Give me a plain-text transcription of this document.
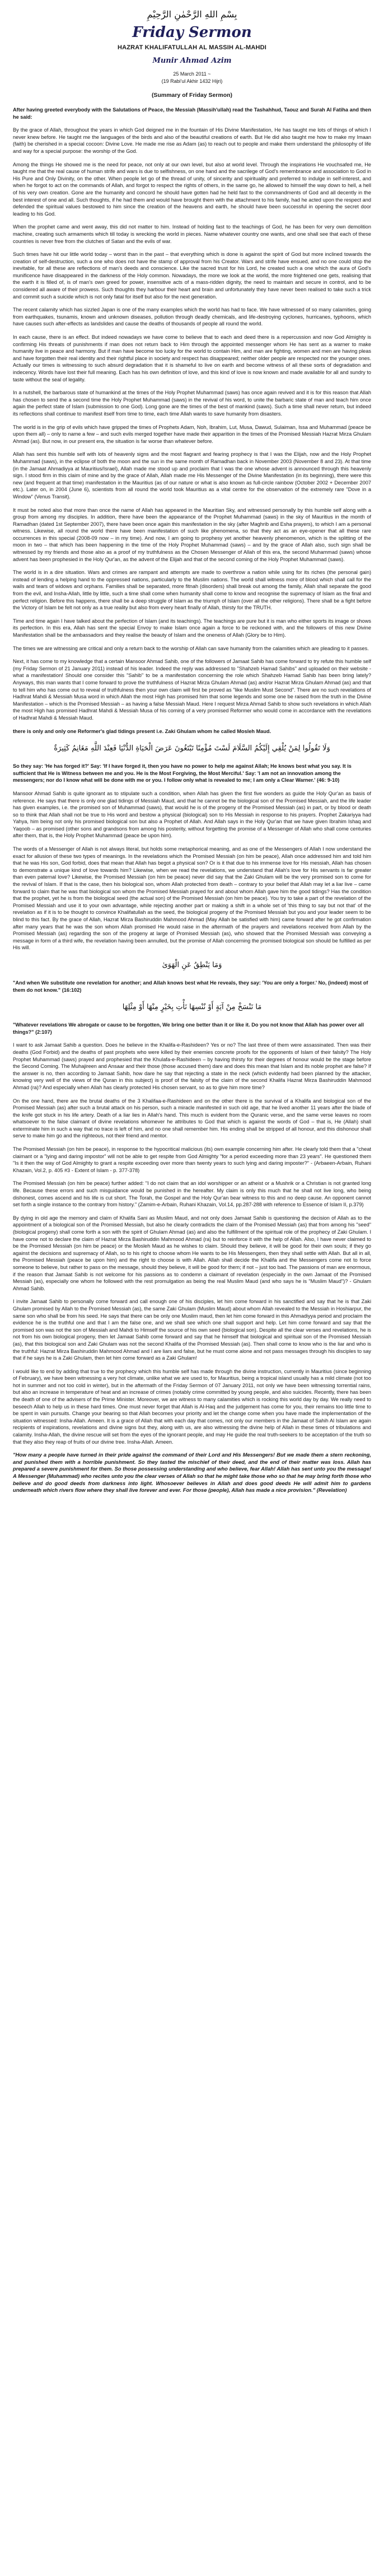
بِسْمِ اللهِ الرَّحْمٰنِ الرَّحِيْمِ
Friday Sermon
HAZRAT KHALIFATULLAH AL MASSIH AL-MAHDI
Munir Ahmad Azim
25 March 2011 ~
(19 Rabi'ul Akhir 1432 Hijri)
(Summary of Friday Sermon)

After having greeted everybody with the Salutations of Peace, the Messiah (Massih'ullah) read the Tashahhud, Taouz and Surah Al Fatiha and then he said:

By the grace of Allah, throughout the years in which God deigned me in the fountain of His Divine Manifestation, He has taught me lots of things of which I never knew before. He taught me the languages of the birds and also of the beautiful creations of earth. But He did also taught me how to make my Imaan (faith) be cherished in a special cocoon: Divine Love. He made me rise as Adam (as) to reach out to people and make them understand the philosophy of life and way for a special purpose: the worship of the God.

Among the things He showed me is the need for peace, not only at our own level, but also at world level. Through the inspirations He vouchsafed me, He taught me that the real cause of human strife and wars is due to selfishness, on one hand and the sacrilege of God's remembrance and association to God in His Pure and Only Divinity, on the other. When people let go of the thread of unity, of sincerity and spirituality and preferred to indulge in self-interest, and when he forgot to act on the commands of Allah, and forgot to respect the rights of others, in the same go, he allowed to himself the way down to hell, a hell of his very own creation. Gone are the humanity and concord he should have gotten had he held fast to the commandments of God and all decently in the best interest of one and all. Such thoughts, if he had them and would have brought them with the attachment to his family, had he acted upon the respect and defended the spiritual values bestowed to him since the creation of the heavens and earth, he should have been successful in opening the secret door leading to his God.

When the prophet came and went away, this did not matter to him. Instead of holding fast to the teachings of God, he has been for very own demolition machine, creating such armaments which till today is wrecking the world in pieces. Name whatever country one wants, and one shall see that each of these countries is never free from the clutches of Satan and the evils of war.

Such times have hit our little world today – worst than in the past – that everything which is done is against the spirit of God but more inclined towards the creation of self-destruction, such a one who does not have the stamp of approval from his Creator. Wars and strife have ensued, and no one could stop the inevitable, for all these are reflections of man's deeds and conscience. Like the sacred trust for his Lord, he created such a one which the aura of God's munificence have disappeared in the darkness of the Holy common. Nowadays, the more we look at the world, the more frightened one gets, realising that the earth it is filled of, is of man's own greed for power, insensitive acts of a mass-ridden dignity, the need to maintain and secure in control, and to be considered all aware of their prowess. Such thoughts they harbour their heart and brain and unfortunately they have never been realised to take such a trick and commit such a suicide which is not only fatal for itself but also for the next generation.

The recent calamity which has sizzled Japan is one of the many examples which the world has had to face. We have witnessed of so many calamities, going from earthquakes, tsunamis, known and unknown diseases, pollution through deadly chemicals, and life-destroying cyclones, hurricanes, typhoons, which have causes such after-effects as landslides and cause the deaths of thousands of people all round the world.

In each cause, there is an effect. But indeed nowadays we have come to believe that to each and deed there is a repercussion and now God Almighty is confirming His threats of punishments if man does not return back to Him through the appointed messenger whom He has sent as a warner to make humanity live in peace and harmony. But if man have become too lucky for the world to contain Him, and man are fighting, women and men are having pleas and have forgotten their real identity and their rightful place in society and respect has disappeared; neither older people are respected nor the younger ones. Actually our times is witnessing to such absurd degradation that it is shameful to live on earth and become witness of all these sorts of degradation and indecency. Words have lost their full meaning. Each has his own definition of love, and this kind of love is now known and made available for all and sundry to taste without the seal of legality.

In a nutshell, the barbarous state of humankind at the times of the Holy Prophet Muhammad (saws) has once again revived and it is for this reason that Allah has chosen to send the a second time the Holy Prophet Muhammad (saws) in the revival of his word, to unite the barbaric state of man and teach him once again the perfect state of Islam (submission to one God). Long gone are the times of the best of mankind (saws). Such a time shall never return, but indeed its reflections shall continue to manifest itself from time to time, each time Allah wants to save humanity from disasters.

The world is in the grip of evils which have gripped the times of Prophets Adam, Noh, Ibrahim, Lut, Musa, Dawud, Sulaiman, Issa and Muhammad (peace be upon them all) – only to name a few – and such evils merged together have made their apparition in the times of the Promised Messiah Hazrat Mirza Ghulam Ahmad (as). But now, in our present era, the situation is far worse than whatever before.

Allah has sent this humble self with lots of heavenly signs and the most flagrant and fearing prophecy is that I was the Elijah, now and the Holy Prophet Muhammad (saws), in the eclipse of both the moon and the sun in the same month of Ramadhan back in November 2003 (November 8 and 23). At that time (in the Jamaat Ahmadiyya at Mauritius/Israel), Allah made me stood up and proclaim that I was the one whose advent is announced through this heavenly sign. I stood firm in this claim of mine and by the grace of Allah, Allah made me His Messenger of the Divine Manifestation (in its beginning), there were this new (and frequent at that time) manifestation in the Mauritius (as of our nature or what is also known as full-circle rainbow (October 2002 + December 2007 etc.). Later on, in 2004 (June 6), scientists from all round the world took Mauritius as a vital centre for the observation of the extremely rare "Dove in a Window" (Venus Transit).

It must be noted also that more than once the name of Allah has appeared in the Mauritian Sky, and witnessed personally by this humble self along with a group from among my disciples. In addition, there have been the appearance of the Prophet Muhammad (saws) in the sky of Mauritius in the month of Ramadhan (dated 1st September 2007), there have been once again this manifestation in the sky (after Maghrib and Esha prayers), to which I am a personal witness. Likewise, all round the world there have been manifestation of such like phenomena, so that they act as an eye-opener that all these rare occurrences in this special (2008-09 now – in my time). And now, I am going to prophesy yet another heavenly phenomenon, which is the splitting of the moon in two – that which has been happening in the time of the Holy Prophet Muhammad (saws) – and by the grace of Allah also, such sign shall be witnessed by my friends and those also as a proof of my truthfulness as the Chosen Messenger of Allah of this era, the second Muhammad (saws) whose advent has been prophesied in the Holy Qur'an, as the advent of the Elijah and that of the second coming of the Holy Prophet Muhammad (saws).

The world is in a dire situation. Wars and crimes are rampant and attempts are made to overthrow a nation while using for its riches (the personal gain) instead of lending a helping hand to the oppressed nations, particularly to the Muslim nations. The world shall witness more of blood which shall call for the wails and tears of widows and orphans. Families shall be separated, more fitnah (disorders) shall break out among the family, Allah shall separate the good from the evil, and Insha-Allah, little by little, such a time shall come when humanity shall come to know and recognise the supremacy of Islam as the final and perfect religion. Before this happens, there shall be a deep struggle of Islam as the triumph of Islam (over all the other religions). There shall be a fight before the Victory of Islam be felt not only as a true reality but also from every heart finally of Allah, thirsty for the TRUTH.

Time and time again I have talked about the perfection of Islam (and its teachings). The teachings are pure but it is man who either sports its image or shows its perfection. In this era, Allah has sent the special Envoy to make Islam once again a force to be reckoned with, and the followers of this new Divine Manifestation shall be the ambassadors and they realise the beauty of Islam and the oneness of Allah (Glory be to Him).

The times we are witnessing are critical and only a return back to the worship of Allah can save humanity from the calamities which are pleading to it passes.

Next, it has come to my knowledge that a certain Mansoor Ahmad Sahib, one of the followers of Jamaat Sahib has come forward to try refute this humble self (my Friday Sermon of 21 January 2011) instead of his leader. Indeed the reply was addressed to "Shahzeb Hamad Sahibs" and uploaded on their website - what a manifestation! Should one consider this "Sahib" to be a manifestation concerning the role which Shahzeb Hamad Sahib has been bring lately? Anyways, this man wants that I come forward to prove the truthfulness of Hazrat Mirza Ghulam Ahmad (as) and/or Hazrat Mirza Ghulam Ahmad (as) and that to tell him who has come out to reveal of truthfulness then your own claim will first be proved as "like Muslim Must Second". There are no such revelations of Hadhrat Mahdi & Messiah Musa word in which Allah the most High has promised him that some legends and some one be raised from the truth in the Divine Manifestation – which is the Promised Messiah – as having a false Messiah Maud. Here I request Mirza Ahmad Sahib to show such revelations in which Allah the most High has promised Hadhrat Mahdi & Messiah Musa of his coming of a very promised Reformer who would come in accordance with the revelations of Hadhrat Mahdi & Messiah Maud.

there is only and only one Reformer's glad tidings present i.e. Zaki Ghulam whom he called Mosleh Maud.

وَلَا تَقُولُوا لِمَنْ يُلْقِي إِلَيْكُمُ السَّلَامَ لَسْتَ مُؤْمِنًا تَبْتَغُونَ عَرَضَ الْحَيَاةِ الدُّنْيَا فَعِنْدَ اللَّهِ مَغَانِمُ كَثِيرَةٌ
So they say: 'He has forged it?' Say: 'If I have forged it, then you have no power to help me against Allah; He knows best what you say. It is sufficient that He is Witness between me and you. He is the Most Forgiving, the Most Merciful.' Say: 'I am not an innovation among the messengers; nor do I know what will be done with me or you. I follow only what is revealed to me; I am only a Clear Warner.' (46: 9-10)

Mansoor Ahmad Sahib is quite ignorant as to stipulate such a condition, when Allah has given the first five wonders as guide the Holy Qur'an as basis of reference. He says that there is only one glad tidings of Messiah Maud, and that he cannot be the biological son of the Promised Messiah, and the life leader has given examples, i.e. the promised son of Muhammad (saws), that would he is of the progeny of the Promised Messiah (as) in part, or by blood or death so to think that Allah shall not be true to His word and bestow a physical (biological) son to His Messiah in response to his prayers. Prophet Zakariyya had Yahya, him being not only his promised biological son but also a Prophet of Allah. And Allah says in the Holy Qur'an that we have given Ibrahim Ishaq and Yaqoob – as promised (other sons and grandsons from among his posterity, without forgetting the promise of a Messenger of Allah who shall come centuries after them, that is, the Holy Prophet Muhammad (peace be upon him).

The words of a Messenger of Allah is not always literal, but holds some metaphorical meaning, and as one of the Messengers of Allah I now understand the exact for allusion of these two types of meanings. In the revelations which the Promised Messiah (on him be peace), Allah once addressed him and told him that he was His son, God forbid, does that mean that Allah has begot a physical son? Or is it that due to his immense love for His messiah, Allah has chosen to demonstrate a unique kind of love towards him? Likewise, when we read the revelations, we understand that Allah's love for His servants is far greater than even paternal love? Likewise, the Promised Messiah (on him be peace) never did say that the Zaki Ghulam will be the very promised son to come for the revival of Islam. If that is the case, then his biological son, whom Allah protected from death – contrary to your belief that Allah may let a liar live – came forward to claim that he was that biological son whom the Promised Messiah prayed for and about whom Allah gave him the good tidings? Has the condition that the prophet, yet he is from the biological seed (the actual son) of the Promised Messiah (on him be peace). You try to take a part of the revelation of the Promised Messiah and use it to your own advantage, while rejecting another part or making a shift in a whole set of 'this thing to say but not that' of the revelation as if it is to be thought to convince Khalifatullah as the seed, the biological progeny of the Promised Messiah but you and your leader seem to be blind to this fact. By the grace of Allah, Hazrat Mirza Bashiruddin Mahmood Ahmad (May Allah be satisfied with him) came forward after he got confirmation after many years that he was the son whom Allah promised He would raise in the aftermath of the prayers and revelations received from Allah by the Promised Messiah (as) regarding the son of the progeny at large of Promised Messiah (as), who showed that the Promised Messiah was conveying a message in form of a third wife, the revelation having been annulled, but the promise of Allah concerning the promised biological son should be fulfilled as per His will.

وَمَا يَنْطِقُ عَنِ الْهَوَىٰ
"And when We substitute one revelation for another; and Allah knows best what He reveals, they say: 'You are only a forger.' No, (indeed) most of them do not know." (16:102)
مَا نَنْسَخْ مِنْ آيَةٍ أَوْ نُنْسِهَا نَأْتِ بِخَيْرٍ مِنْهَا أَوْ مِثْلِهَا
"Whatever revelations We abrogate or cause to be forgotten, We bring one better than it or like it. Do you not know that Allah has power over all things?" (2:107)

I want to ask Jamaat Sahib a question. Does he believe in the Khalifa-e-Rashideen? Yes or no? The last three of them were assassinated. Then was their deaths (God Forbid) and the deaths of past prophets who were killed by their enemies concrete proofs for the opponents of Islam of their falsity? The Holy Prophet Muhammad (saws) prayed and prophesied that the Khulafa-e-Rashideen – by having thirsty for their degrees of honour would be the stage before the Second Coming. The Muhajireen and Ansaar and their those (those accused them) dare and does this mean that Islam and its noble prophet are false? If the answer is no, then according to Jamaat Sahib, how dare he say that rejecting a state in the neck (which evidently had been planned by the attacker, knowing very well of the views of the Quran in this subject) is proof of the falsity of the claim of the second Khalifa Hazrat Mirza Bashiruddin Mahmood Ahmad (ra)? And especially when Allah has clearly protected His chosen servant, so as to give him more time?

On the one hand, there are the brutal deaths of the 3 Khalifaa-e-Rashideen and on the other there is the survival of a Khalifa and biological son of the Promised Messiah (as) after such a brutal attack on his person, such a miracle manifested in such old age, that he lived another 11 years after the blade of the knife got stuck in his life artery. Death of a liar lies in Allah's hand. This much is evident from the Quranic verse, and the same verse leaves no room whatsoever to the false claimant of divine revelations whomever he attributes to God that which is against the words of God – that is, He (Allah) shall exterminate him in such a way that no trace is left of him, and no one shall remember him. His ending shall be stripped of all honour, and this dishonour shall serve to make him go and the righteous, not their friend and mentor.

The Promised Messiah (on him be peace), in response to the hypocritical malicious (its) own example concerning him after. He clearly told them that a "cheat claimant or a "lying and daring impostor" will not be able to get respite from God Almighty "for a period exceeding more than 23 years". He questioned them "Is it then the way of God Almighty to grant a respite exceeding over more than twenty years to such lying and daring imposter?" - (Arbaeen-Arbain, Ruhani Khazain, Vol.2, p. 405 #3 - Extent of Islam - p. 377-378)

The Promised Messiah (on him be peace) further added: "I do not claim that an idol worshipper or an atheist or a Mushrik or a Christian is not granted long life. Because these errors and such misguidance would be punished in the hereafter. My claim is only this much that he shall not live long, who being dishonest, comes ascend and his life is cut short. The Torah, the Gospel and the Holy Qur'an bear witness to this and no deep cause. An opponent cannot set forth a single instance to the contrary from history." (Zamim-e-Arbain, Ruhani Khazain, Vol.14, pp.287-288 with reference to Essence of Islam II, p.379)

By dying in old age the memory and claim of Khalifa Sani as Muslim Maud, and not only does Jamaat Sahib is questioning the decision of Allah as to the appointment of a biological son of the Promised Messiah, but also he clearly contradicts the claim of the Promised Messiah (as) that from among his "seed" (biological progeny) shall come forth a son with the spirit of Ghulam Ahmad (as) and also the fulfillment of the spiritual role of the prophecy of Zaki Ghulam. I have come not to declare the claim of Hazrat Mirza Bashiruddin Mahmood Ahmad (ra) but to reinforce it with the help of Allah. Also, I have never claimed to be the Promised Messiah (on him be peace) or the Mosleh Maud as he wishes to claim. Should they believe, it will be good for their own souls; if they go against the decisions and supremacy of Allah, so to his right to choose whom He wants to be His Messengers, then they shall settle with Allah. But all in all, the Promised Messiah (peace be upon him) and the right to choose is with Allah. Allah shall decide the Khalifa and the Messengers come not to force someone to believe, but rather to pass on the message, should they believe, it will be good for them; if not – just too bad. The passions of man are enormous, if the reason that Jamaat Sahib is not welcome for his passions as to condemn a claimant of revelation (especially in the own Jamaat of the Promised Messiah (as), especially one whom he followed with the rest promulgation as being the real Muslim Maud (and who says he is "Muslim Maud")? - Ghulam Ahmad Sahib.

I invite Jamaat Sahib to personally come forward and call enough one of his disciples, let him come forward in his sanctified and say that he is that Zaki Ghulam promised by Allah to the Promised Messiah (as), the same Zaki Ghulam (Muslim Maud) about whom Allah revealed to the Messiah in Hoshiarpur, the same son who shall be from his seed. He says that there can be only one Muslim maud, then let him come forward in this Ahmadiyya period and proclaim the evidence he is the truthful one and that I am the false one, and we shall see which one shall support and help. Let him come forward and say that the promised son was not the son of Messiah and Mahdi to Himself the source of his own seed (biological son). Despite all the clear verses and revelations, he is not from his own biological progeny, then let Jamaat Sahib come forward and say that he himself that biological and spiritual son of the Promised Messiah (as), that this biological son and Zaki Ghulam was not the second Khalifa of the Promised Messiah (as). Then shall come to know who is the liar and who is the truthful: Hazrat Mirza Bashiruddin Mahmood Ahmad and I are liars and false, but he must come alone and not pass messages through his disciples to say that if he says he is a Zaki Ghulam, then let him come forward as a Zaki Ghulam!

I would like to end by adding that true to the prophecy which this humble self has made through the divine instruction, currently in Mauritius (since beginning of February), we have been witnessing a very hot climate, unlike what we are used to, for Mauritius, being a tropical island usually has a mild climate (not too hot in summer and not too cold in winter), but in the aftermath of the Friday Sermon of 07 January 2011, not only we have been witnessing torrential rains, but also an increase in temperature of heat and an increase of crimes (notably crime committed by young people, and also suicides. Recently, there has been the death of one of the advisers of the Prime Minister. Moreover, we are witness to many calamities which is rocking this world day by day. We really need to beseech Allah to help us in these hard times. One must never forget that Allah is Al-Haq and the judgement has come for you, their remains too little time to be spent in vain pursuits. Change your bearing so that Allah becomes your priority and let the change come when you have made the implementation of the situation witnessed: Insha-Allah. Ameen. It is a grace of Allah that with each day that comes, not only our members in the Jamaat of Sahih Al Islam are again recipients of inspirations, revelations and divine signs but they, along with us, are also witnessing the divine help of Allah in these times of tribulations and calamity. Insha-Allah, the divine rescue will set from the eyes of the ignorant people, and may He guide the real truth-seekers to be acceptation of the truth so that they also they reap of fruits of our divine tree. Insha-Allah. Ameen.

"How many a people have turned in their pride against the command of their Lord and His Messengers! But we made them a stern reckoning, and punished them with a horrible punishment. So they tasted the mischief of their deed, and the end of their matter was loss. Allah has prepared a severe punishment for them. So those possessing understanding and who believe, fear Allah! Allah has sent unto you the message! A Messenger (Muhammad) who recites unto you the clear verses of Allah so that he might take those who so that he may bring forth those who believe and do good deeds from darkness into light. Whosoever believes in Allah and does good deeds He will admit him to gardens underneath which rivers flow where they shall live forever and ever. For those (people), Allah has made a nice provision." (Revelation)
